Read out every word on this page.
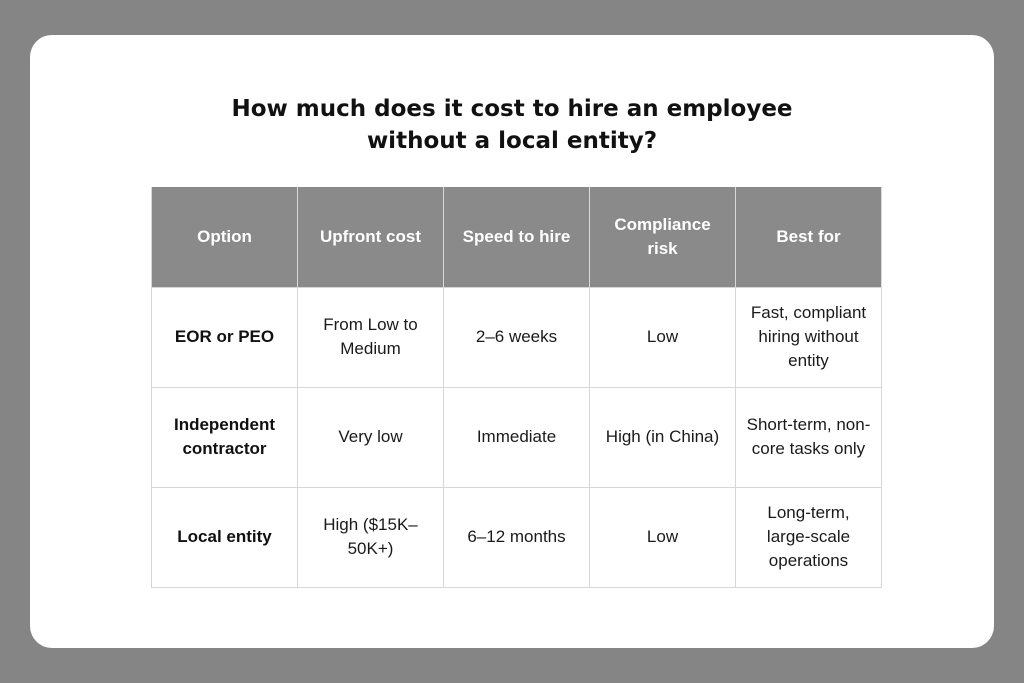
How much does it cost to hire an employee
without a local entity?
Option	Upfront cost	Speed to hire	Compliance risk	Best for
EOR or PEO	From Low to Medium	2–6 weeks	Low	Fast, compliant hiring without entity
Independent contractor	Very low	Immediate	High (in China)	Short-term, non-core tasks only
Local entity	High ($15K–50K+)	6–12 months	Low	Long-term, large-scale operations
